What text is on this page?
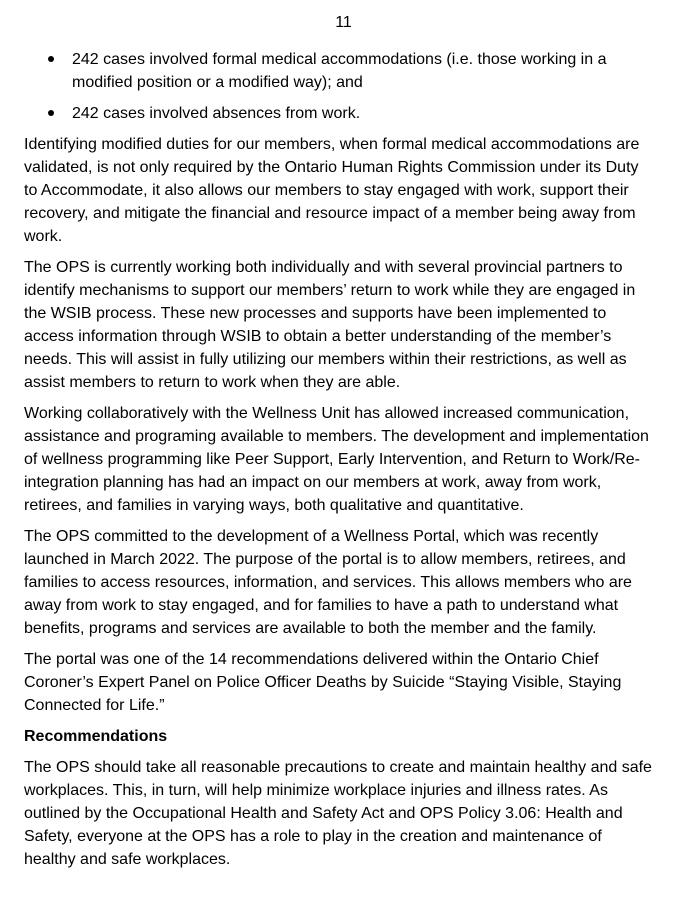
11
242 cases involved formal medical accommodations (i.e. those working in a modified position or a modified way); and
242 cases involved absences from work.

Identifying modified duties for our members, when formal medical accommodations are validated, is not only required by the Ontario Human Rights Commission under its Duty to Accommodate, it also allows our members to stay engaged with work, support their recovery, and mitigate the financial and resource impact of a member being away from work.

The OPS is currently working both individually and with several provincial partners to identify mechanisms to support our members’ return to work while they are engaged in the WSIB process. These new processes and supports have been implemented to access information through WSIB to obtain a better understanding of the member’s needs. This will assist in fully utilizing our members within their restrictions, as well as assist members to return to work when they are able.

Working collaboratively with the Wellness Unit has allowed increased communication, assistance and programing available to members. The development and implementation of wellness programming like Peer Support, Early Intervention, and Return to Work/Re-integration planning has had an impact on our members at work, away from work, retirees, and families in varying ways, both qualitative and quantitative.

The OPS committed to the development of a Wellness Portal, which was recently launched in March 2022. The purpose of the portal is to allow members, retirees, and families to access resources, information, and services. This allows members who are away from work to stay engaged, and for families to have a path to understand what benefits, programs and services are available to both the member and the family.

The portal was one of the 14 recommendations delivered within the Ontario Chief Coroner’s Expert Panel on Police Officer Deaths by Suicide “Staying Visible, Staying Connected for Life.”

Recommendations

The OPS should take all reasonable precautions to create and maintain healthy and safe workplaces. This, in turn, will help minimize workplace injuries and illness rates. As outlined by the Occupational Health and Safety Act and OPS Policy 3.06: Health and Safety, everyone at the OPS has a role to play in the creation and maintenance of healthy and safe workplaces.
